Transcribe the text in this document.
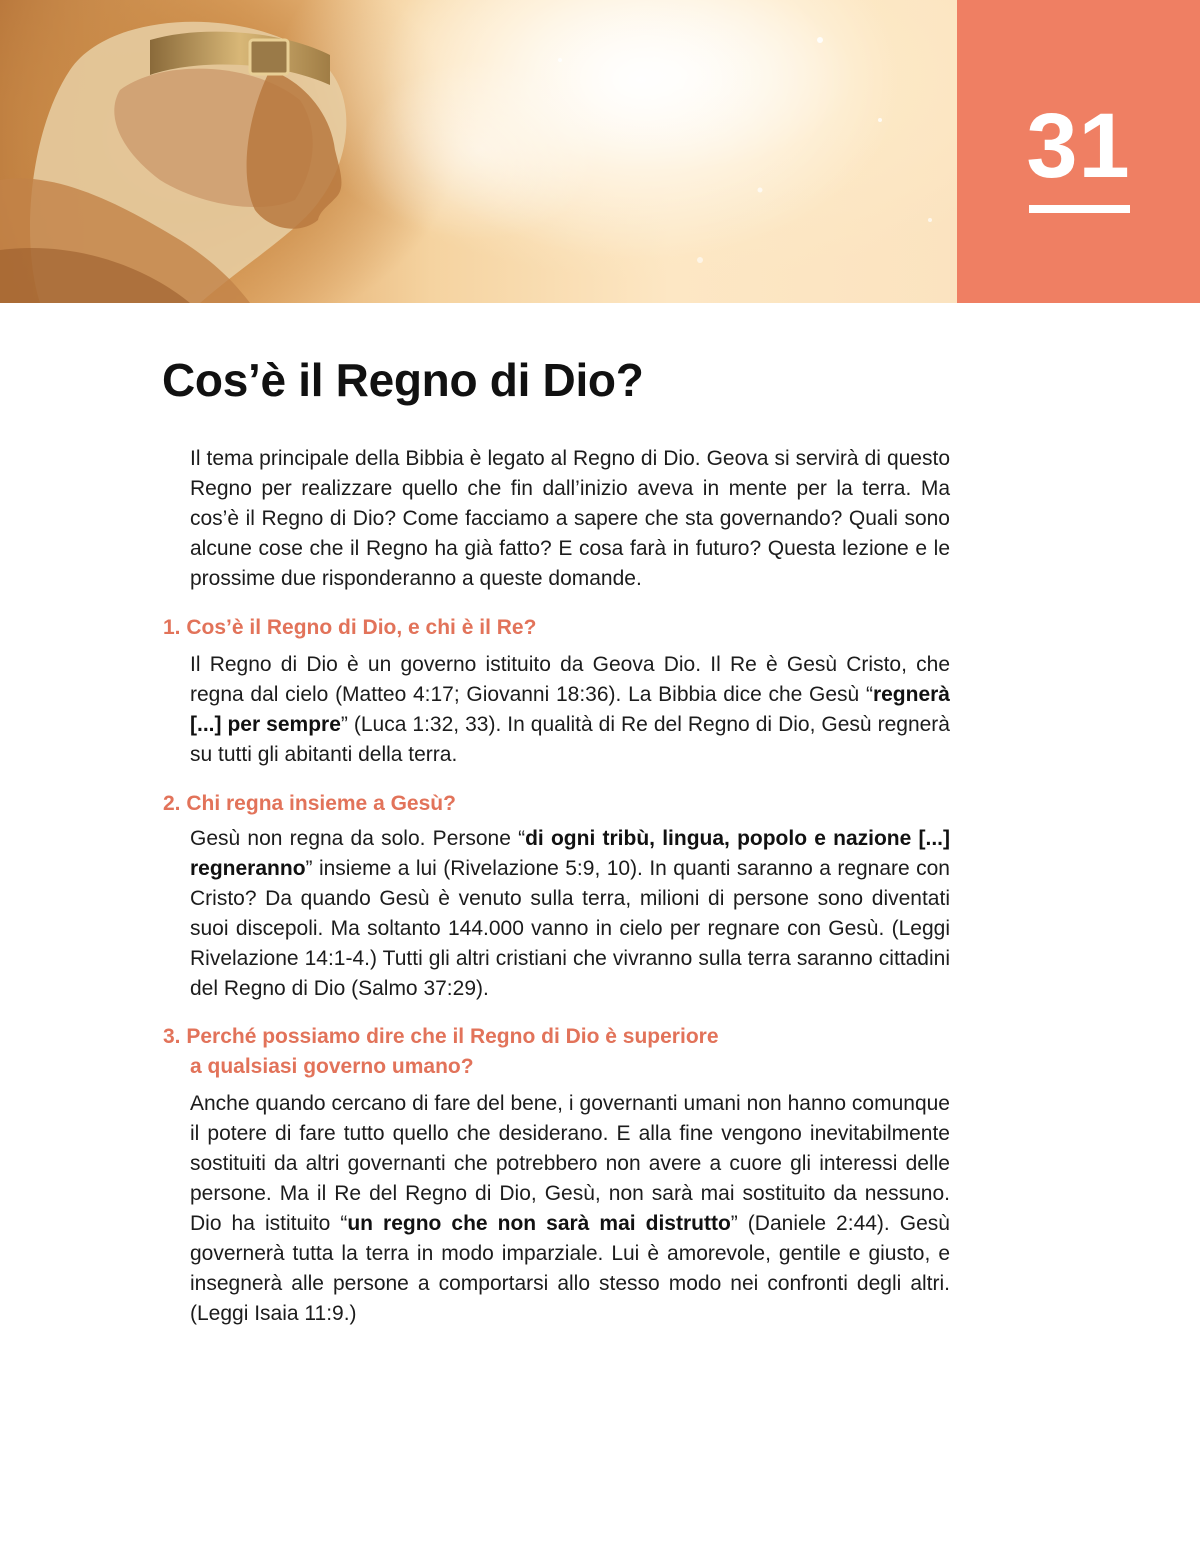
31
Cos’è il Regno di Dio?

Il tema principale della Bibbia è legato al Regno di Dio. Geova si servirà di questo Regno per realizzare quello che fin dall’inizio aveva in mente per la terra. Ma cos’è il Regno di Dio? Come facciamo a sapere che sta governando? Quali sono alcune cose che il Regno ha già fatto? E cosa farà in futuro? Questa lezione e le prossime due risponderanno a queste domande.

1. Cos’è il Regno di Dio, e chi è il Re?

Il Regno di Dio è un governo istituito da Geova Dio. Il Re è Gesù Cristo, che regna dal cielo (Matteo 4:17; Giovanni 18:36). La Bibbia dice che Gesù “regnerà [...] per sempre” (Luca 1:32, 33). In qualità di Re del Regno di Dio, Gesù regnerà su tutti gli abitanti della terra.

2. Chi regna insieme a Gesù?

Gesù non regna da solo. Persone “di ogni tribù, lingua, popolo e nazione [...] regneranno” insieme a lui (Rivelazione 5:9, 10). In quanti saranno a regnare con Cristo? Da quando Gesù è venuto sulla terra, milioni di persone sono diventati suoi discepoli. Ma soltanto 144.000 vanno in cielo per regnare con Gesù. (Leggi Rivelazione 14:1-4.) Tutti gli altri cristiani che vivranno sulla terra saranno cittadini del Regno di Dio (Salmo 37:29).

3. Perché possiamo dire che il Regno di Dio è superiore
a qualsiasi governo umano?

Anche quando cercano di fare del bene, i governanti umani non hanno comunque il potere di fare tutto quello che desiderano. E alla fine vengono inevitabilmente sostituiti da altri governanti che potrebbero non avere a cuore gli interessi delle persone. Ma il Re del Regno di Dio, Gesù, non sarà mai sostituito da nessuno. Dio ha istituito “un regno che non sarà mai distrutto” (Daniele 2:44). Gesù governerà tutta la terra in modo imparziale. Lui è amorevole, gentile e giusto, e insegnerà alle persone a comportarsi allo stesso modo nei confronti degli altri. (Leggi Isaia 11:9.)
